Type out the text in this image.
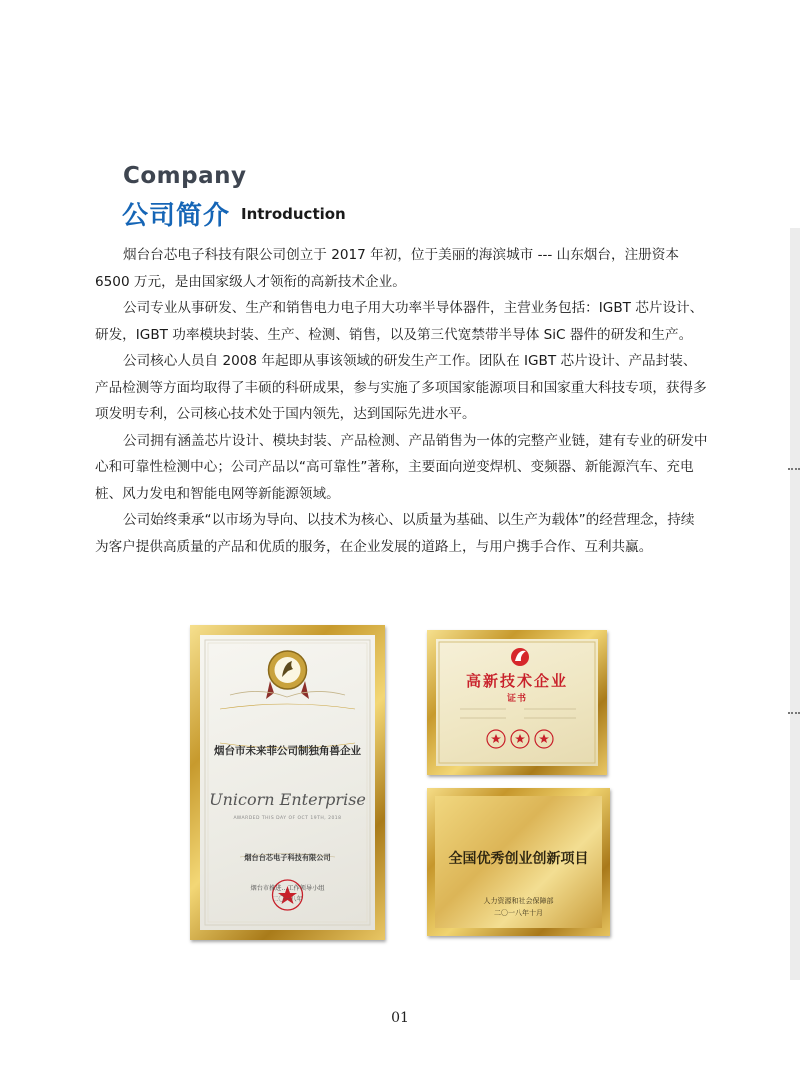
Company
公司简介 Introduction

烟台台芯电子科技有限公司创立于 2017 年初，位于美丽的海滨城市 --- 山东烟台，注册资本 6500 万元，是由国家级人才领衔的高新技术企业。

公司专业从事研发、生产和销售电力电子用大功率半导体器件，主营业务包括：IGBT 芯片设计、研发，IGBT 功率模块封装、生产、检测、销售，以及第三代宽禁带半导体 SiC 器件的研发和生产。

公司核心人员自 2008 年起即从事该领域的研发生产工作。团队在 IGBT 芯片设计、产品封装、产品检测等方面均取得了丰硕的科研成果，参与实施了多项国家能源项目和国家重大科技专项，获得多项发明专利，公司核心技术处于国内领先，达到国际先进水平。

公司拥有涵盖芯片设计、模块封装、产品检测、产品销售为一体的完整产业链，建有专业的研发中心和可靠性检测中心；公司产品以“高可靠性”著称，主要面向逆变焊机、变频器、新能源汽车、充电桩、风力发电和智能电网等新能源领域。

公司始终秉承“以市场为导向、以技术为核心、以质量为基础、以生产为载体”的经营理念，持续为客户提供高质量的产品和优质的服务，在企业发展的道路上，与用户携手合作、互利共赢。

烟台市未来菲公司制独角兽企业
Unicorn Enterprise
AWARDED THIS DAY OF OCT 19TH, 2018
烟台台芯电子科技有限公司
烟台市推进...工作领导小组
二〇一八年
高新技术企业
证书
全国优秀创业创新项目
人力资源和社会保障部
二〇一八年十月
01
